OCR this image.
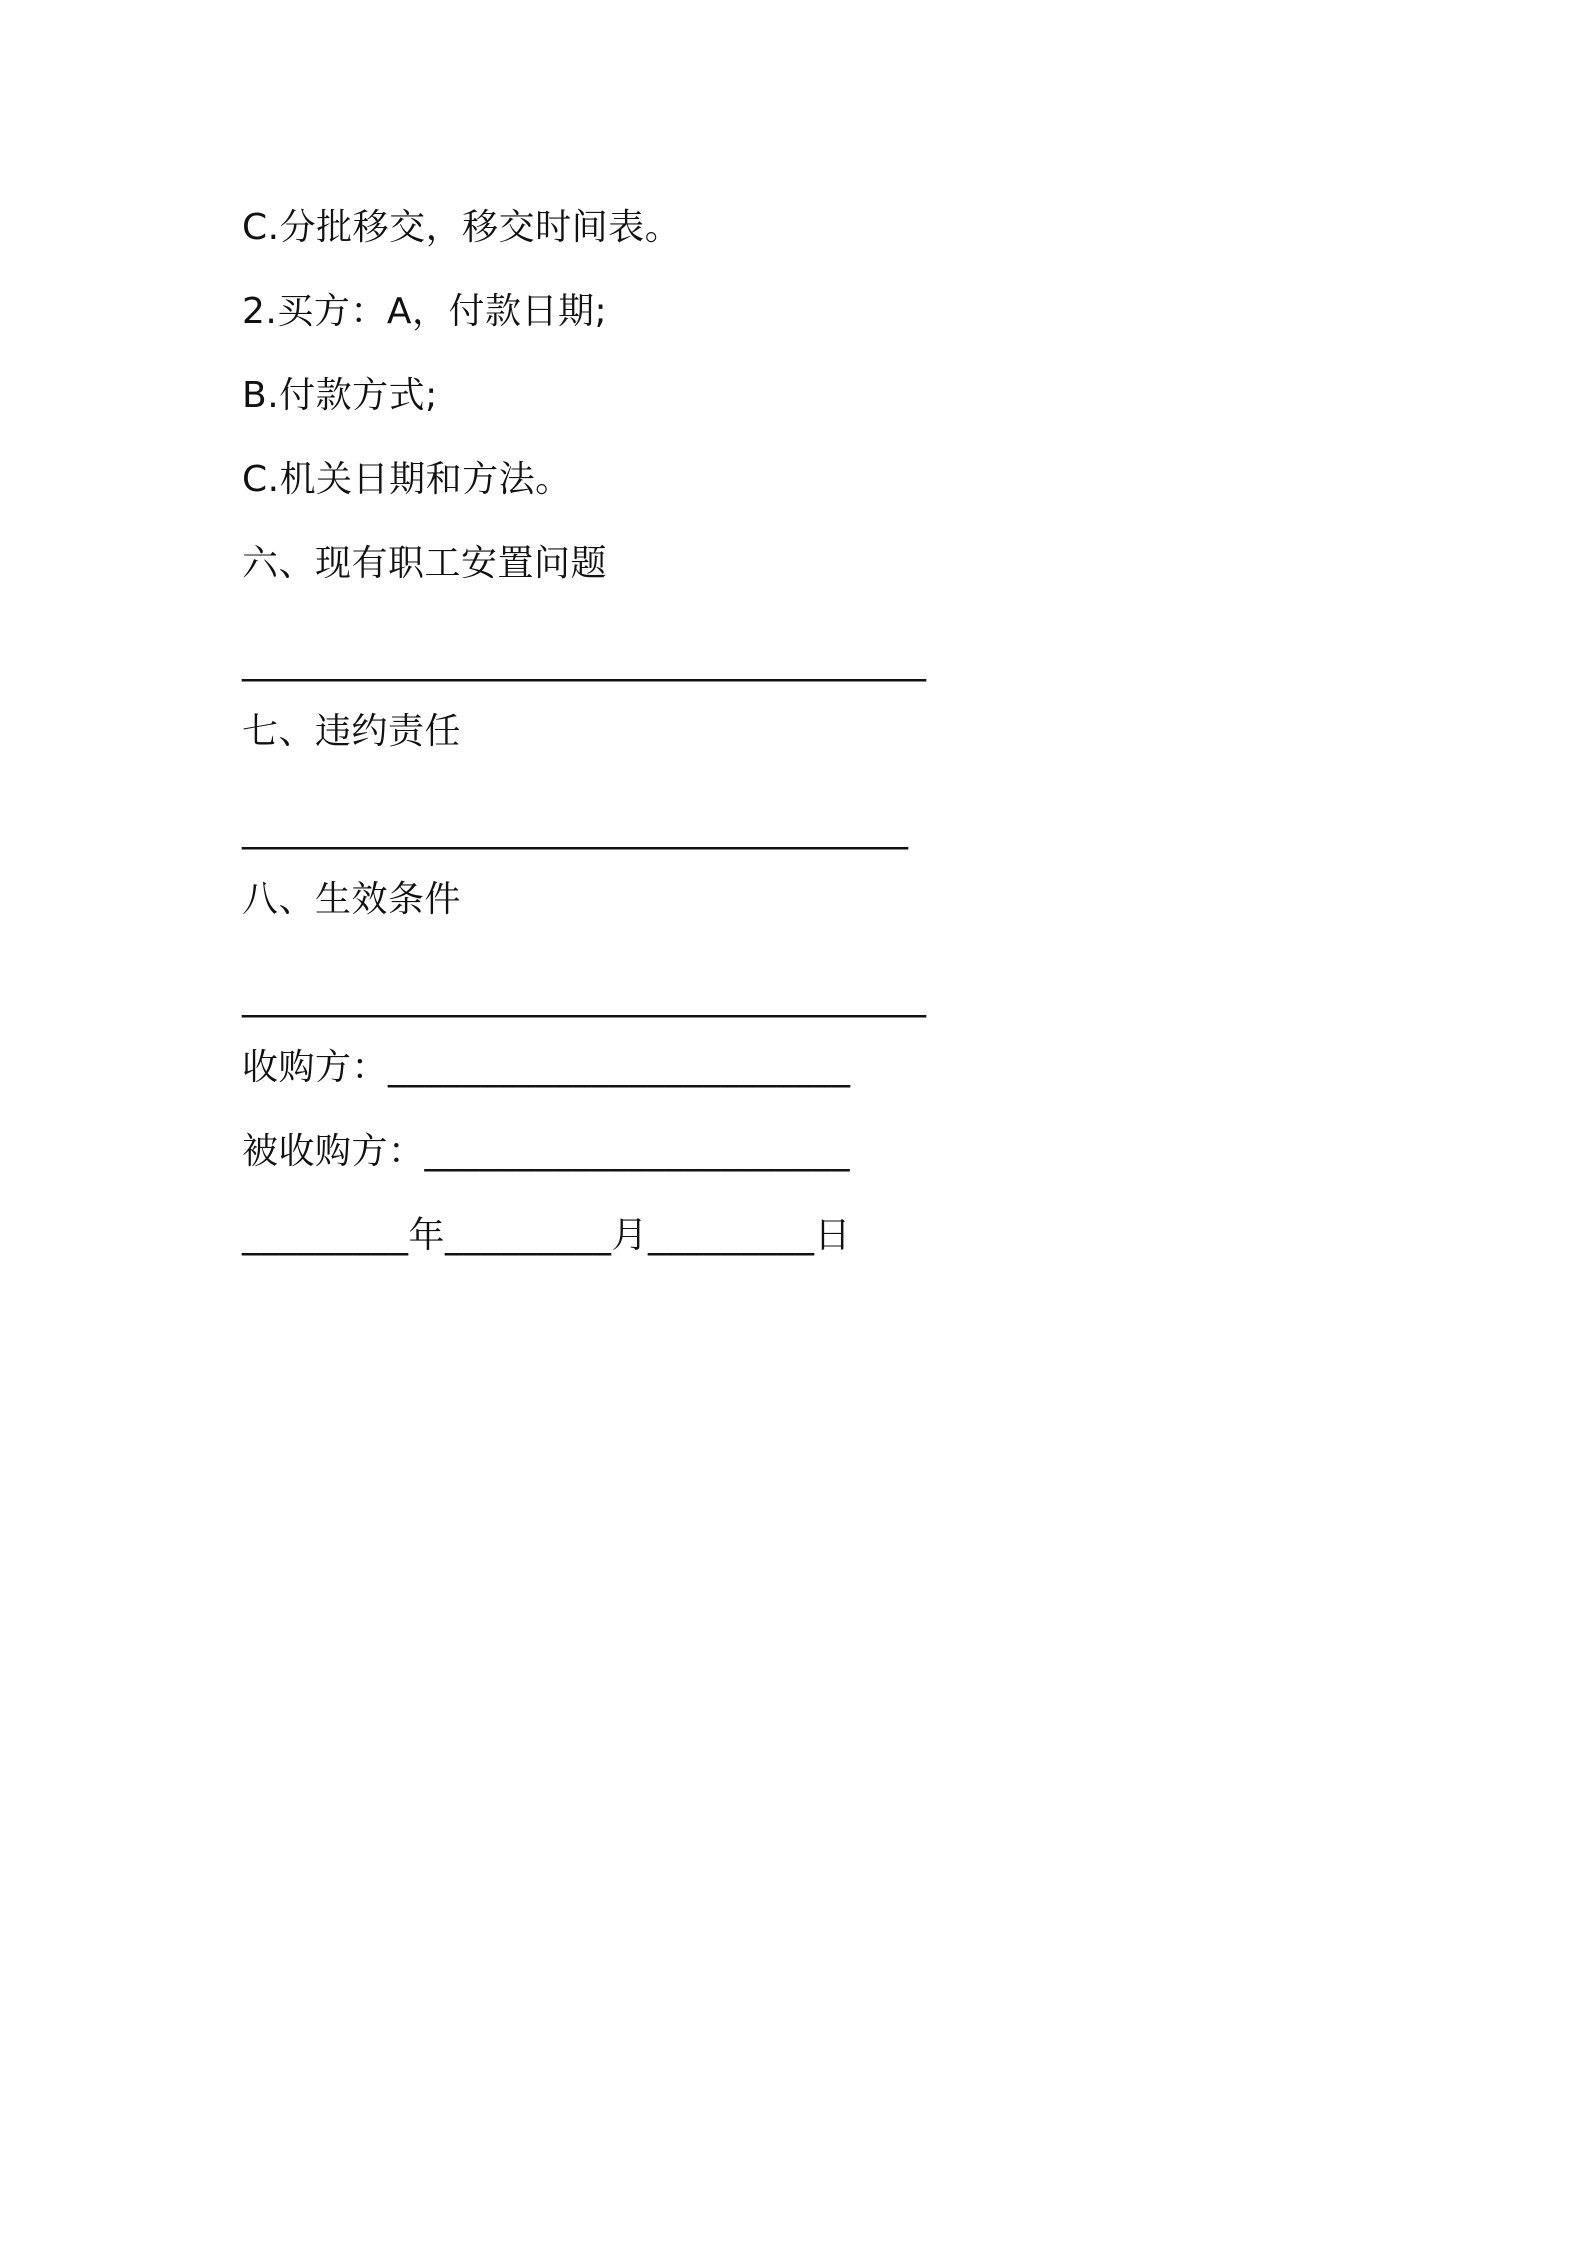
C.分批移交，移交时间表。
2.买方：A，付款日期;
B.付款方式;
C.机关日期和方法。
六、现有职工安置问题
______________________________________
七、违约责任
_____________________________________
八、生效条件
______________________________________
收购方：_________________________
被收购方：_______________________
_________年_________月_________日
